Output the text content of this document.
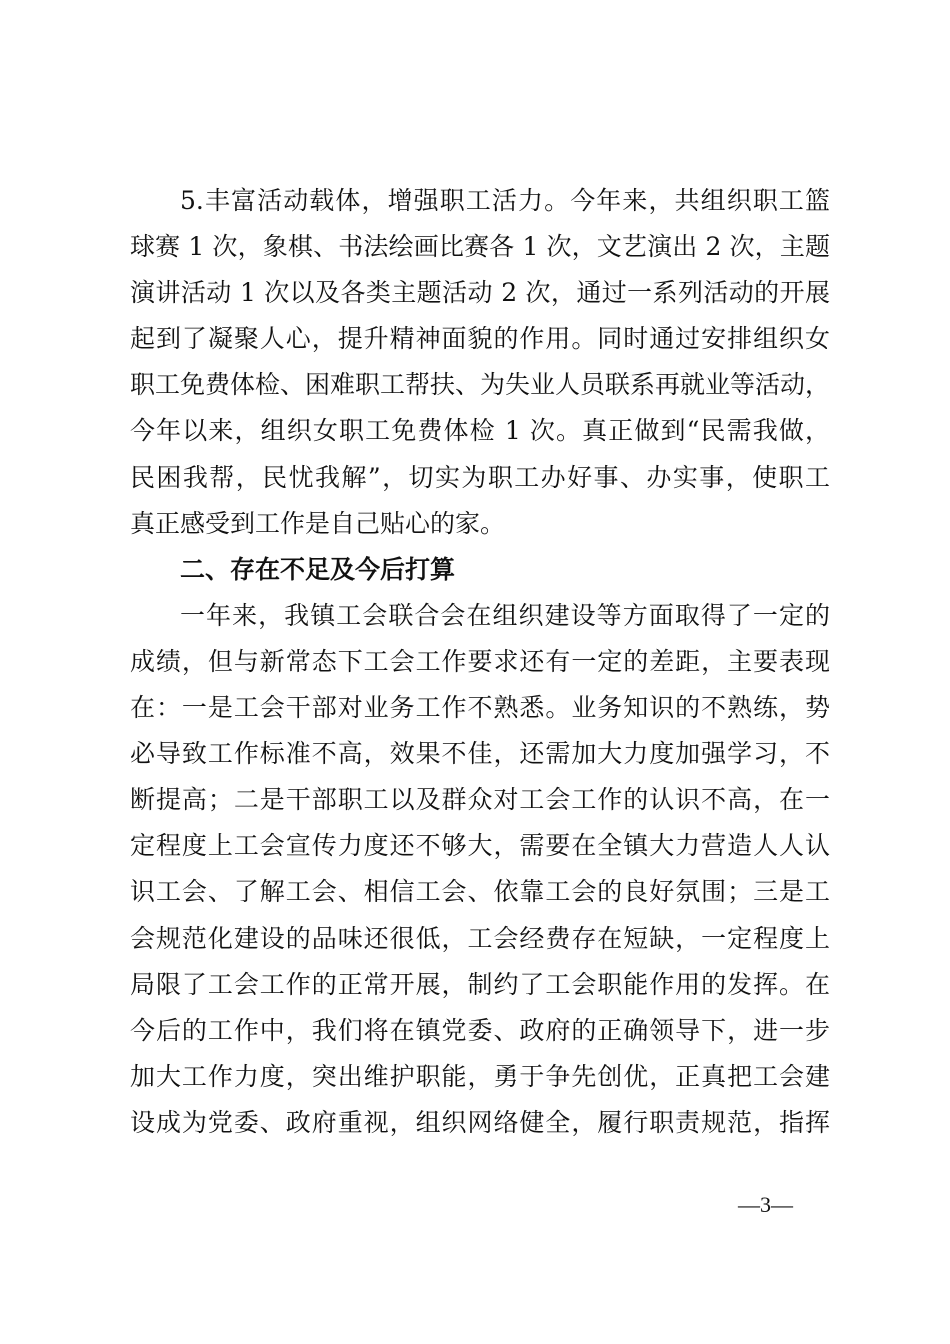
5.丰富活动载体，增强职工活力。今年来，共组织职工篮
球赛 1 次，象棋、书法绘画比赛各 1 次，文艺演出 2 次，主题
演讲活动 1 次以及各类主题活动 2 次，通过一系列活动的开展
起到了凝聚人心，提升精神面貌的作用。同时通过安排组织女
职工免费体检、困难职工帮扶、为失业人员联系再就业等活动，
今年以来，组织女职工免费体检 1 次。真正做到“民需我做，
民困我帮，民忧我解”，切实为职工办好事、办实事，使职工
真正感受到工作是自己贴心的家。
二、存在不足及今后打算
一年来，我镇工会联合会在组织建设等方面取得了一定的
成绩，但与新常态下工会工作要求还有一定的差距，主要表现
在：一是工会干部对业务工作不熟悉。业务知识的不熟练，势
必导致工作标准不高，效果不佳，还需加大力度加强学习，不
断提高；二是干部职工以及群众对工会工作的认识不高，在一
定程度上工会宣传力度还不够大，需要在全镇大力营造人人认
识工会、了解工会、相信工会、依靠工会的良好氛围；三是工
会规范化建设的品味还很低，工会经费存在短缺，一定程度上
局限了工会工作的正常开展，制约了工会职能作用的发挥。在
今后的工作中，我们将在镇党委、政府的正确领导下，进一步
加大工作力度，突出维护职能，勇于争先创优，正真把工会建
设成为党委、政府重视，组织网络健全，履行职责规范，指挥
—3—
